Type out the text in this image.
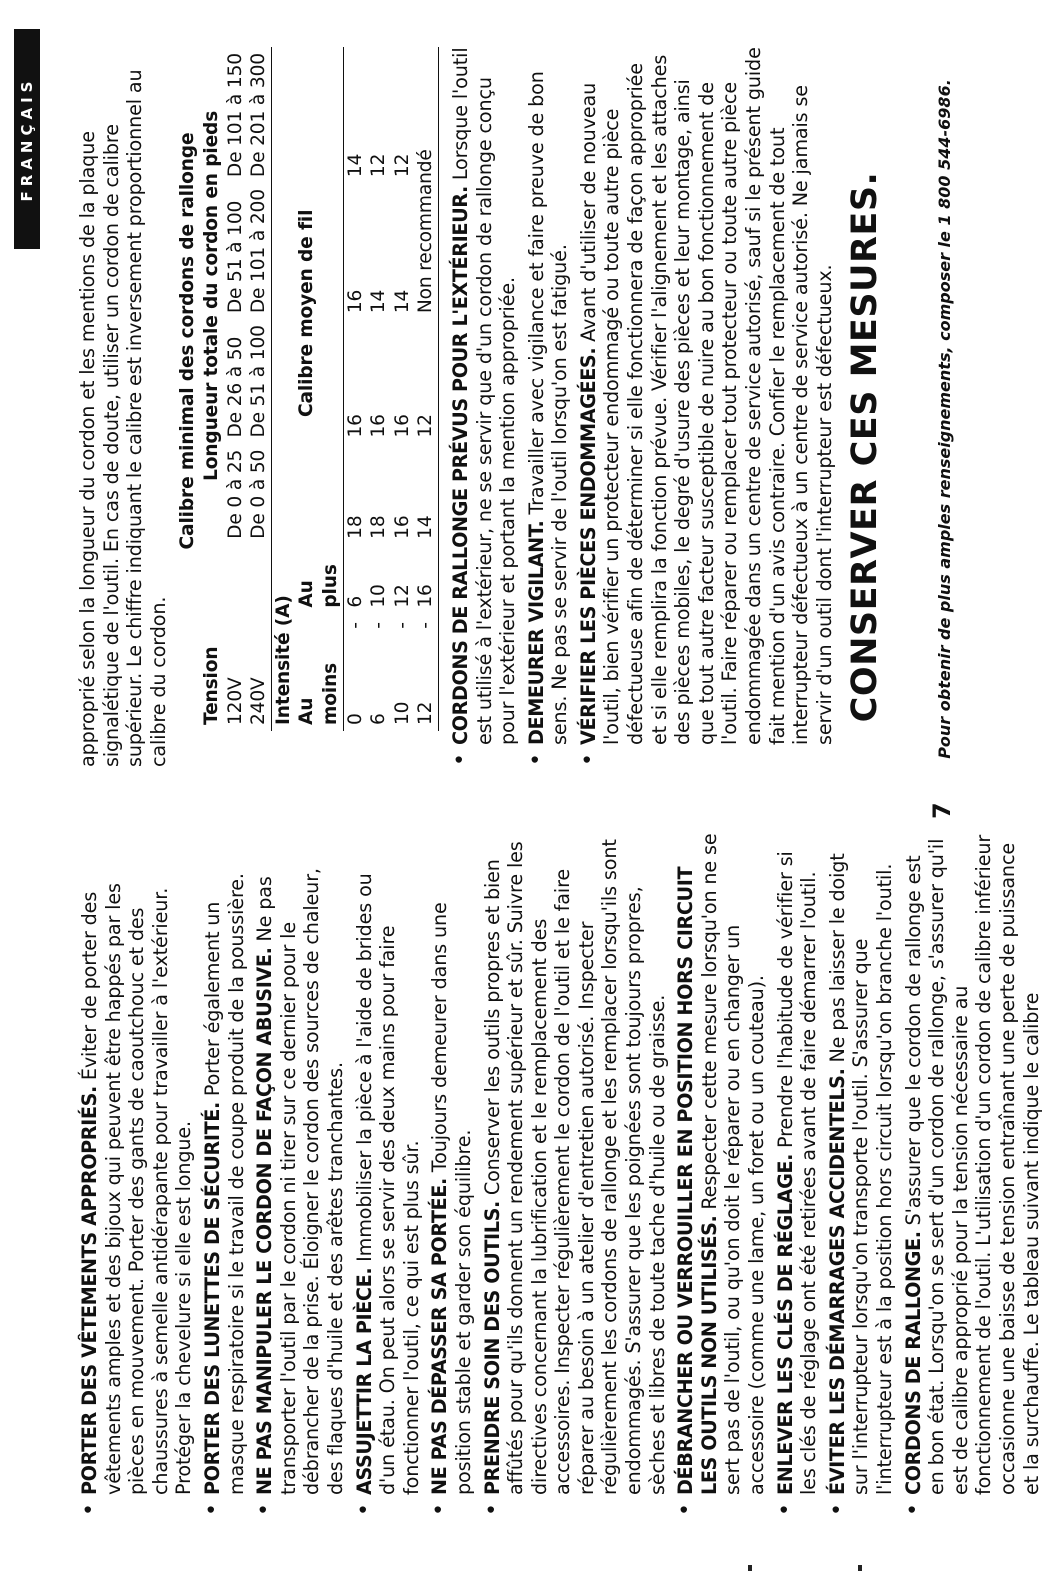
FRANÇAIS
•
PORTER DES VÊTEMENTS APPROPRIÉS. Éviter de porter des vêtements amples et des bijoux qui peuvent être happés par les pièces en mouvement. Porter des gants de caoutchouc et des chaussures à semelle antidérapante pour travailler à l'extérieur. Protéger la chevelure si elle est longue.
•
PORTER DES LUNETTES DE SÉCURITÉ. Porter également un masque respiratoire si le travail de coupe produit de la poussière.
•
NE PAS MANIPULER LE CORDON DE FAÇON ABUSIVE. Ne pas transporter l'outil par le cordon ni tirer sur ce dernier pour le débrancher de la prise. Éloigner le cordon des sources de chaleur, des flaques d'huile et des arêtes tranchantes.
•
ASSUJETTIR LA PIÈCE. Immobiliser la pièce à l'aide de brides ou d'un étau. On peut alors se servir des deux mains pour faire fonctionner l'outil, ce qui est plus sûr.
•
NE PAS DÉPASSER SA PORTÉE. Toujours demeurer dans une position stable et garder son équilibre.
•
PRENDRE SOIN DES OUTILS. Conserver les outils propres et bien affûtés pour qu'ils donnent un rendement supérieur et sûr. Suivre les directives concernant la lubrification et le remplacement des accessoires. Inspecter régulièrement le cordon de l'outil et le faire réparer au besoin à un atelier d'entretien autorisé. Inspecter régulièrement les cordons de rallonge et les remplacer lorsqu'ils sont endommagés. S'assurer que les poignées sont toujours propres, sèches et libres de toute tache d'huile ou de graisse.
•
DÉBRANCHER OU VERROUILLER EN POSITION HORS CIRCUIT LES OUTILS NON UTILISÉS. Respecter cette mesure lorsqu'on ne se sert pas de l'outil, ou qu'on doit le réparer ou en changer un accessoire (comme une lame, un foret ou un couteau).
•
ENLEVER LES CLÉS DE RÉGLAGE. Prendre l'habitude de vérifier si les clés de réglage ont été retirées avant de faire démarrer l'outil.
•
ÉVITER LES DÉMARRAGES ACCIDENTELS. Ne pas laisser le doigt sur l'interrupteur lorsqu'on transporte l'outil. S'assurer que l'interrupteur est à la position hors circuit lorsqu'on branche l'outil.
•
CORDONS DE RALLONGE. S'assurer que le cordon de rallonge est en bon état. Lorsqu'on se sert d'un cordon de rallonge, s'assurer qu'il est de calibre approprié pour la tension nécessaire au fonctionnement de l'outil. L'utilisation d'un cordon de calibre inférieur occasionne une baisse de tension entraînant une perte de puissance et la surchauffe. Le tableau suivant indique le calibre

approprié selon la longueur du cordon et les mentions de la plaque signalétique de l'outil. En cas de doute, utiliser un cordon de calibre supérieur. Le chiffre indiquant le calibre est inversement proportionnel au calibre du cordon.

Calibre minimal des cordons de rallonge
Tension			Longueur totale du cordon en pieds			
120V			De 0 à 25	De 26 à 50	De 51 à 100	De 101 à 150
240V			De 0 à 50	De 51 à 100	De 101 à 200	De 201 à 300
Intensité (A)						
Au		Au		Calibre moyen de fil		
moins		plus				
0	-	6	18	16	16	14
6	-	10	18	16	14	12
10	-	12	16	16	14	12
12	-	16	14	12	Non recommandé	
•
CORDONS DE RALLONGE PRÉVUS POUR L'EXTÉRIEUR. Lorsque l'outil est utilisé à l'extérieur, ne se servir que d'un cordon de rallonge conçu pour l'extérieur et portant la mention appropriée.
•
DEMEURER VIGILANT. Travailler avec vigilance et faire preuve de bon sens. Ne pas se servir de l'outil lorsqu'on est fatigué.
•
VÉRIFIER LES PIÈCES ENDOMMAGÉES. Avant d'utiliser de nouveau l'outil, bien vérifier un protecteur endommagé ou toute autre pièce défectueuse afin de déterminer si elle fonctionnera de façon appropriée et si elle remplira la fonction prévue. Vérifier l'alignement et les attaches des pièces mobiles, le degré d'usure des pièces et leur montage, ainsi que tout autre facteur susceptible de nuire au bon fonctionnement de l'outil. Faire réparer ou remplacer tout protecteur ou toute autre pièce endommagée dans un centre de service autorisé, sauf si le présent guide fait mention d'un avis contraire. Confier le remplacement de tout interrupteur défectueux à un centre de service autorisé. Ne jamais se servir d'un outil dont l'interrupteur est défectueux. CONSERVER CES MESURES.
7
Pour obtenir de plus amples renseignements, composer le 1 800 544-6986.
